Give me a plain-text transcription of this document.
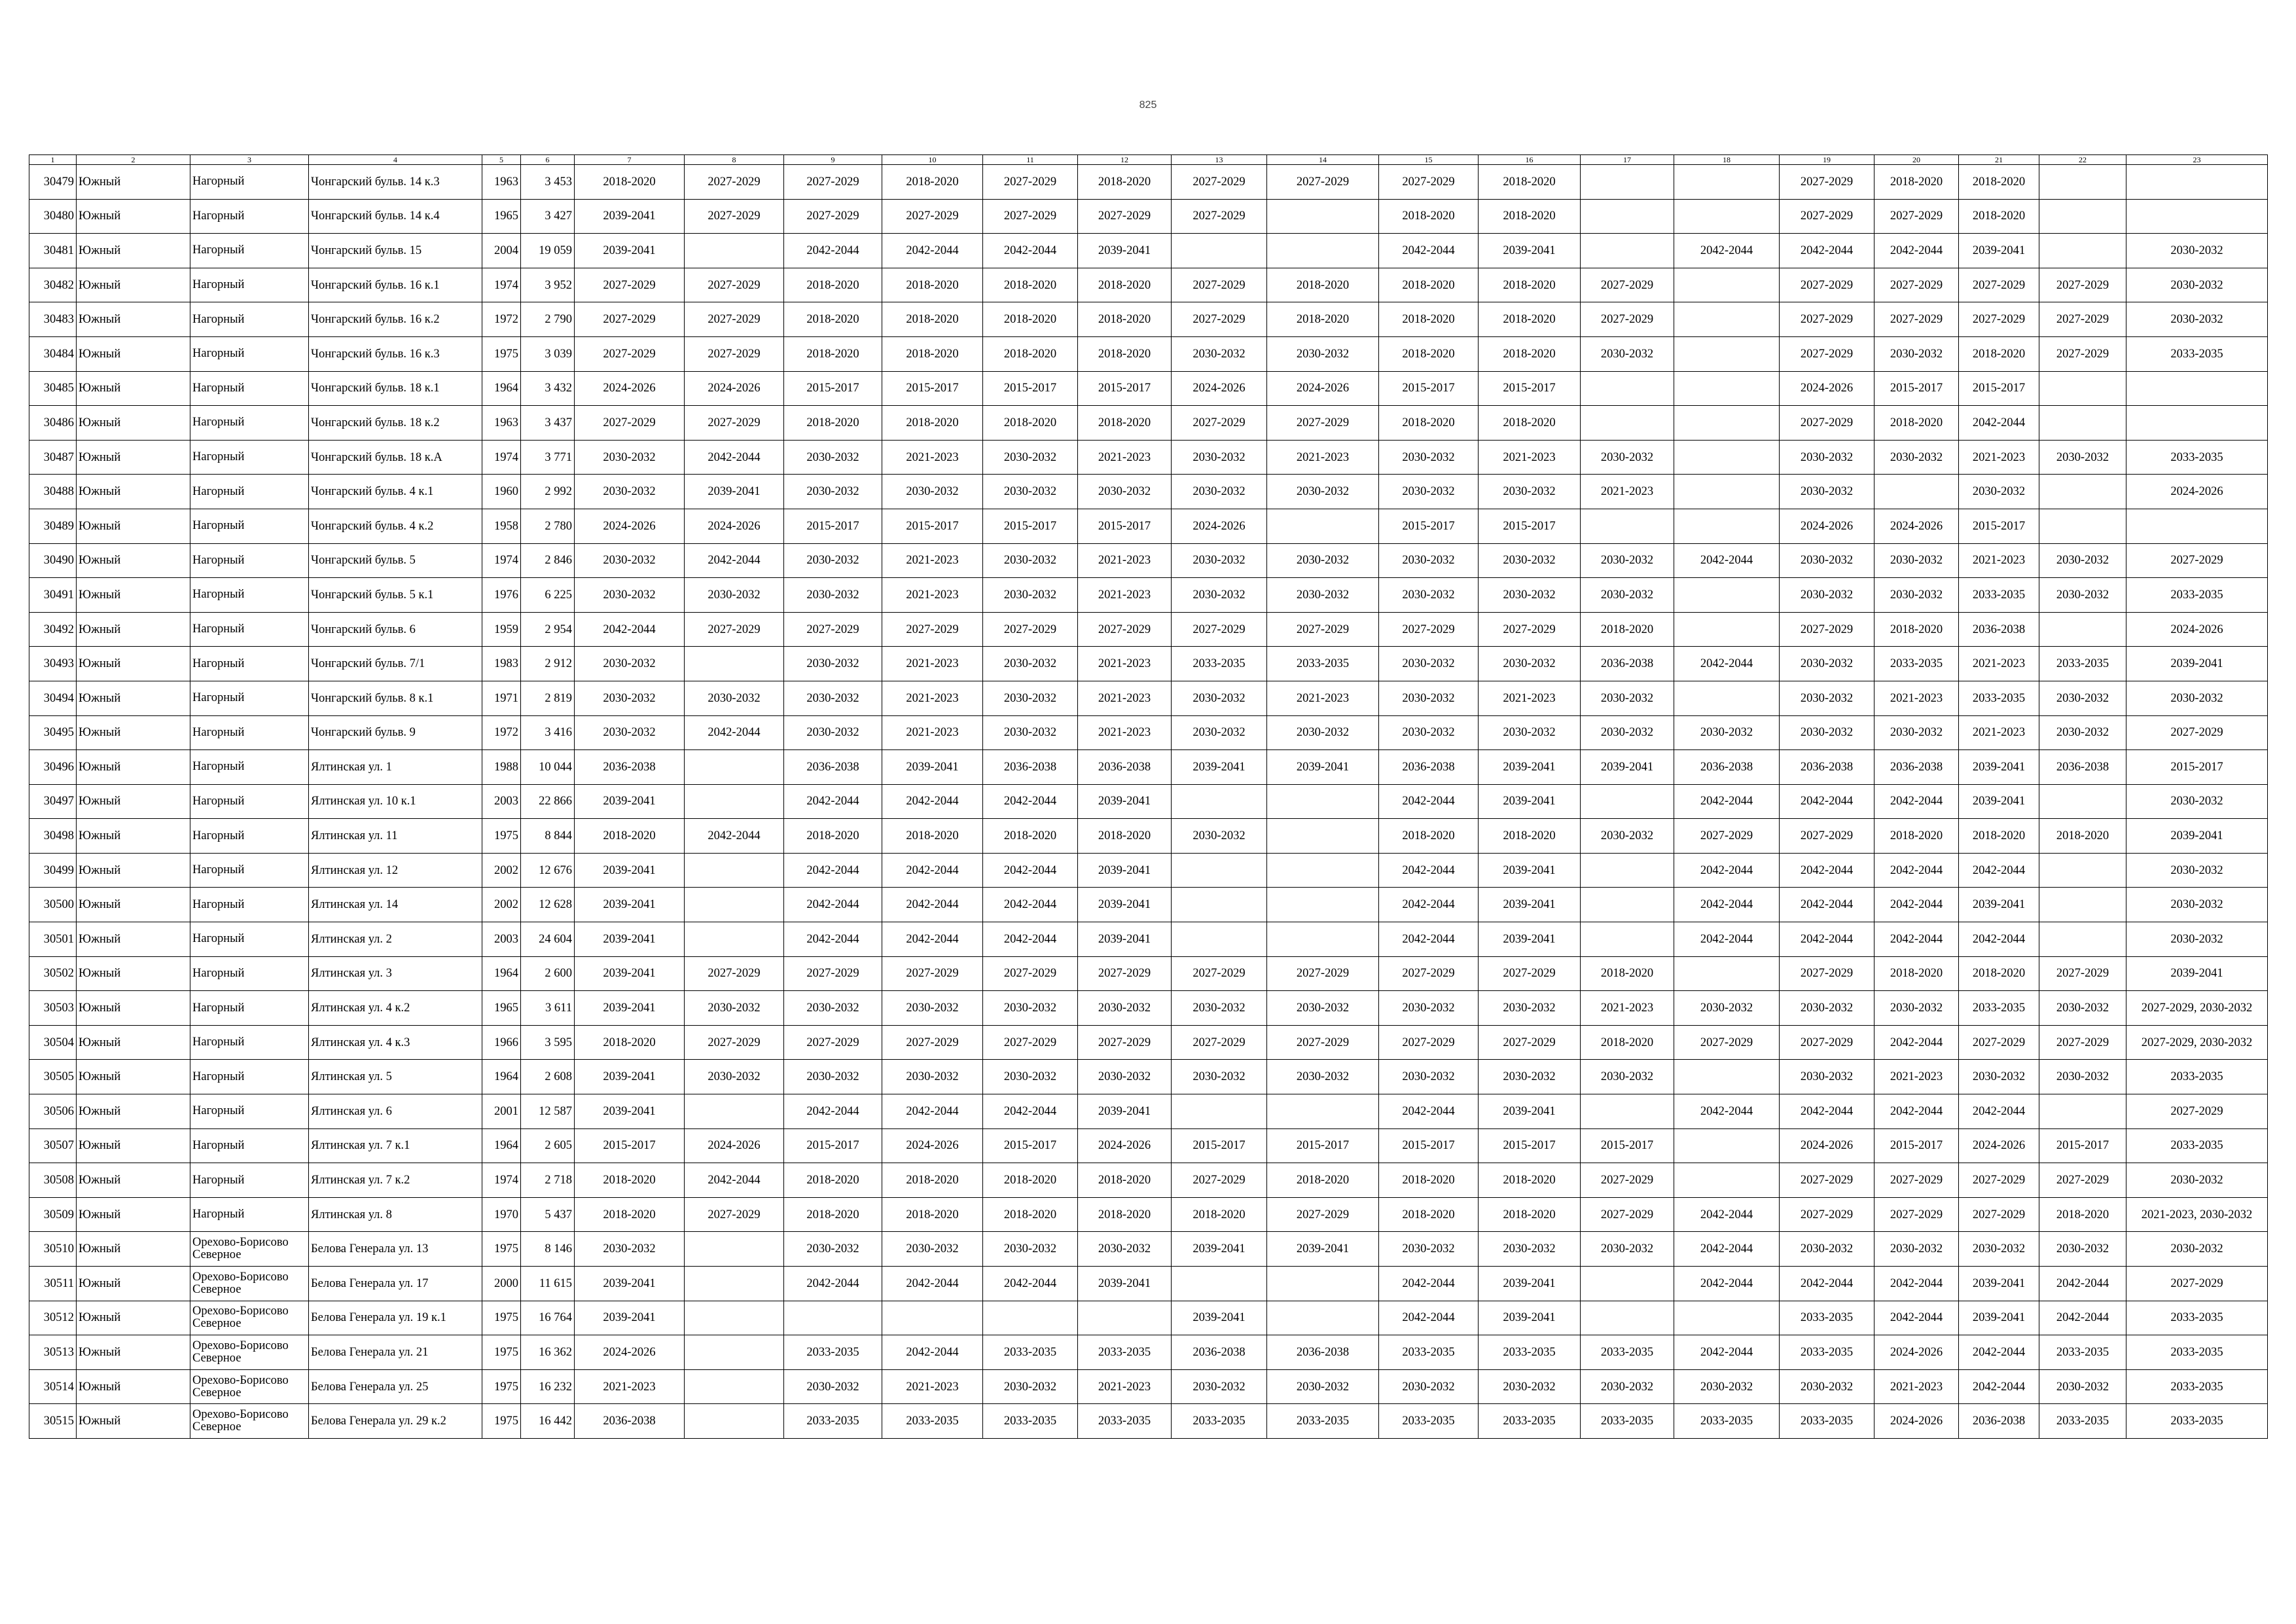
825
1	2	3	4	5	6	7	8	9	10	11	12	13	14	15	16	17	18	19	20	21	22	23
30479	Южный	Нагорный	Чонгарский бульв. 14 к.3	1963	3 453	2018-2020	2027-2029	2027-2029	2018-2020	2027-2029	2018-2020	2027-2029	2027-2029	2027-2029	2018-2020			2027-2029	2018-2020	2018-2020		
30480	Южный	Нагорный	Чонгарский бульв. 14 к.4	1965	3 427	2039-2041	2027-2029	2027-2029	2027-2029	2027-2029	2027-2029	2027-2029		2018-2020	2018-2020			2027-2029	2027-2029	2018-2020		
30481	Южный	Нагорный	Чонгарский бульв. 15	2004	19 059	2039-2041		2042-2044	2042-2044	2042-2044	2039-2041			2042-2044	2039-2041		2042-2044	2042-2044	2042-2044	2039-2041		2030-2032
30482	Южный	Нагорный	Чонгарский бульв. 16 к.1	1974	3 952	2027-2029	2027-2029	2018-2020	2018-2020	2018-2020	2018-2020	2027-2029	2018-2020	2018-2020	2018-2020	2027-2029		2027-2029	2027-2029	2027-2029	2027-2029	2030-2032
30483	Южный	Нагорный	Чонгарский бульв. 16 к.2	1972	2 790	2027-2029	2027-2029	2018-2020	2018-2020	2018-2020	2018-2020	2027-2029	2018-2020	2018-2020	2018-2020	2027-2029		2027-2029	2027-2029	2027-2029	2027-2029	2030-2032
30484	Южный	Нагорный	Чонгарский бульв. 16 к.3	1975	3 039	2027-2029	2027-2029	2018-2020	2018-2020	2018-2020	2018-2020	2030-2032	2030-2032	2018-2020	2018-2020	2030-2032		2027-2029	2030-2032	2018-2020	2027-2029	2033-2035
30485	Южный	Нагорный	Чонгарский бульв. 18 к.1	1964	3 432	2024-2026	2024-2026	2015-2017	2015-2017	2015-2017	2015-2017	2024-2026	2024-2026	2015-2017	2015-2017			2024-2026	2015-2017	2015-2017		
30486	Южный	Нагорный	Чонгарский бульв. 18 к.2	1963	3 437	2027-2029	2027-2029	2018-2020	2018-2020	2018-2020	2018-2020	2027-2029	2027-2029	2018-2020	2018-2020			2027-2029	2018-2020	2042-2044		
30487	Южный	Нагорный	Чонгарский бульв. 18 к.А	1974	3 771	2030-2032	2042-2044	2030-2032	2021-2023	2030-2032	2021-2023	2030-2032	2021-2023	2030-2032	2021-2023	2030-2032		2030-2032	2030-2032	2021-2023	2030-2032	2033-2035
30488	Южный	Нагорный	Чонгарский бульв. 4 к.1	1960	2 992	2030-2032	2039-2041	2030-2032	2030-2032	2030-2032	2030-2032	2030-2032	2030-2032	2030-2032	2030-2032	2021-2023		2030-2032		2030-2032		2024-2026
30489	Южный	Нагорный	Чонгарский бульв. 4 к.2	1958	2 780	2024-2026	2024-2026	2015-2017	2015-2017	2015-2017	2015-2017	2024-2026		2015-2017	2015-2017			2024-2026	2024-2026	2015-2017		
30490	Южный	Нагорный	Чонгарский бульв. 5	1974	2 846	2030-2032	2042-2044	2030-2032	2021-2023	2030-2032	2021-2023	2030-2032	2030-2032	2030-2032	2030-2032	2030-2032	2042-2044	2030-2032	2030-2032	2021-2023	2030-2032	2027-2029
30491	Южный	Нагорный	Чонгарский бульв. 5 к.1	1976	6 225	2030-2032	2030-2032	2030-2032	2021-2023	2030-2032	2021-2023	2030-2032	2030-2032	2030-2032	2030-2032	2030-2032		2030-2032	2030-2032	2033-2035	2030-2032	2033-2035
30492	Южный	Нагорный	Чонгарский бульв. 6	1959	2 954	2042-2044	2027-2029	2027-2029	2027-2029	2027-2029	2027-2029	2027-2029	2027-2029	2027-2029	2027-2029	2018-2020		2027-2029	2018-2020	2036-2038		2024-2026
30493	Южный	Нагорный	Чонгарский бульв. 7/1	1983	2 912	2030-2032		2030-2032	2021-2023	2030-2032	2021-2023	2033-2035	2033-2035	2030-2032	2030-2032	2036-2038	2042-2044	2030-2032	2033-2035	2021-2023	2033-2035	2039-2041
30494	Южный	Нагорный	Чонгарский бульв. 8 к.1	1971	2 819	2030-2032	2030-2032	2030-2032	2021-2023	2030-2032	2021-2023	2030-2032	2021-2023	2030-2032	2021-2023	2030-2032		2030-2032	2021-2023	2033-2035	2030-2032	2030-2032
30495	Южный	Нагорный	Чонгарский бульв. 9	1972	3 416	2030-2032	2042-2044	2030-2032	2021-2023	2030-2032	2021-2023	2030-2032	2030-2032	2030-2032	2030-2032	2030-2032	2030-2032	2030-2032	2030-2032	2021-2023	2030-2032	2027-2029
30496	Южный	Нагорный	Ялтинская ул. 1	1988	10 044	2036-2038		2036-2038	2039-2041	2036-2038	2036-2038	2039-2041	2039-2041	2036-2038	2039-2041	2039-2041	2036-2038	2036-2038	2036-2038	2039-2041	2036-2038	2015-2017
30497	Южный	Нагорный	Ялтинская ул. 10 к.1	2003	22 866	2039-2041		2042-2044	2042-2044	2042-2044	2039-2041			2042-2044	2039-2041		2042-2044	2042-2044	2042-2044	2039-2041		2030-2032
30498	Южный	Нагорный	Ялтинская ул. 11	1975	8 844	2018-2020	2042-2044	2018-2020	2018-2020	2018-2020	2018-2020	2030-2032		2018-2020	2018-2020	2030-2032	2027-2029	2027-2029	2018-2020	2018-2020	2018-2020	2039-2041
30499	Южный	Нагорный	Ялтинская ул. 12	2002	12 676	2039-2041		2042-2044	2042-2044	2042-2044	2039-2041			2042-2044	2039-2041		2042-2044	2042-2044	2042-2044	2042-2044		2030-2032
30500	Южный	Нагорный	Ялтинская ул. 14	2002	12 628	2039-2041		2042-2044	2042-2044	2042-2044	2039-2041			2042-2044	2039-2041		2042-2044	2042-2044	2042-2044	2039-2041		2030-2032
30501	Южный	Нагорный	Ялтинская ул. 2	2003	24 604	2039-2041		2042-2044	2042-2044	2042-2044	2039-2041			2042-2044	2039-2041		2042-2044	2042-2044	2042-2044	2042-2044		2030-2032
30502	Южный	Нагорный	Ялтинская ул. 3	1964	2 600	2039-2041	2027-2029	2027-2029	2027-2029	2027-2029	2027-2029	2027-2029	2027-2029	2027-2029	2027-2029	2018-2020		2027-2029	2018-2020	2018-2020	2027-2029	2039-2041
30503	Южный	Нагорный	Ялтинская ул. 4 к.2	1965	3 611	2039-2041	2030-2032	2030-2032	2030-2032	2030-2032	2030-2032	2030-2032	2030-2032	2030-2032	2030-2032	2021-2023	2030-2032	2030-2032	2030-2032	2033-2035	2030-2032	2027-2029, 2030-2032
30504	Южный	Нагорный	Ялтинская ул. 4 к.3	1966	3 595	2018-2020	2027-2029	2027-2029	2027-2029	2027-2029	2027-2029	2027-2029	2027-2029	2027-2029	2027-2029	2018-2020	2027-2029	2027-2029	2042-2044	2027-2029	2027-2029	2027-2029, 2030-2032
30505	Южный	Нагорный	Ялтинская ул. 5	1964	2 608	2039-2041	2030-2032	2030-2032	2030-2032	2030-2032	2030-2032	2030-2032	2030-2032	2030-2032	2030-2032	2030-2032		2030-2032	2021-2023	2030-2032	2030-2032	2033-2035
30506	Южный	Нагорный	Ялтинская ул. 6	2001	12 587	2039-2041		2042-2044	2042-2044	2042-2044	2039-2041			2042-2044	2039-2041		2042-2044	2042-2044	2042-2044	2042-2044		2027-2029
30507	Южный	Нагорный	Ялтинская ул. 7 к.1	1964	2 605	2015-2017	2024-2026	2015-2017	2024-2026	2015-2017	2024-2026	2015-2017	2015-2017	2015-2017	2015-2017	2015-2017		2024-2026	2015-2017	2024-2026	2015-2017	2033-2035
30508	Южный	Нагорный	Ялтинская ул. 7 к.2	1974	2 718	2018-2020	2042-2044	2018-2020	2018-2020	2018-2020	2018-2020	2027-2029	2018-2020	2018-2020	2018-2020	2027-2029		2027-2029	2027-2029	2027-2029	2027-2029	2030-2032
30509	Южный	Нагорный	Ялтинская ул. 8	1970	5 437	2018-2020	2027-2029	2018-2020	2018-2020	2018-2020	2018-2020	2018-2020	2027-2029	2018-2020	2018-2020	2027-2029	2042-2044	2027-2029	2027-2029	2027-2029	2018-2020	2021-2023, 2030-2032
30510	Южный	Орехово-Борисово Северное	Белова Генерала ул. 13	1975	8 146	2030-2032		2030-2032	2030-2032	2030-2032	2030-2032	2039-2041	2039-2041	2030-2032	2030-2032	2030-2032	2042-2044	2030-2032	2030-2032	2030-2032	2030-2032	2030-2032
30511	Южный	Орехово-Борисово Северное	Белова Генерала ул. 17	2000	11 615	2039-2041		2042-2044	2042-2044	2042-2044	2039-2041			2042-2044	2039-2041		2042-2044	2042-2044	2042-2044	2039-2041	2042-2044	2027-2029
30512	Южный	Орехово-Борисово Северное	Белова Генерала ул. 19 к.1	1975	16 764	2039-2041						2039-2041		2042-2044	2039-2041			2033-2035	2042-2044	2039-2041	2042-2044	2033-2035
30513	Южный	Орехово-Борисово Северное	Белова Генерала ул. 21	1975	16 362	2024-2026		2033-2035	2042-2044	2033-2035	2033-2035	2036-2038	2036-2038	2033-2035	2033-2035	2033-2035	2042-2044	2033-2035	2024-2026	2042-2044	2033-2035	2033-2035
30514	Южный	Орехово-Борисово Северное	Белова Генерала ул. 25	1975	16 232	2021-2023		2030-2032	2021-2023	2030-2032	2021-2023	2030-2032	2030-2032	2030-2032	2030-2032	2030-2032	2030-2032	2030-2032	2021-2023	2042-2044	2030-2032	2033-2035
30515	Южный	Орехово-Борисово Северное	Белова Генерала ул. 29 к.2	1975	16 442	2036-2038		2033-2035	2033-2035	2033-2035	2033-2035	2033-2035	2033-2035	2033-2035	2033-2035	2033-2035	2033-2035	2033-2035	2024-2026	2036-2038	2033-2035	2033-2035
